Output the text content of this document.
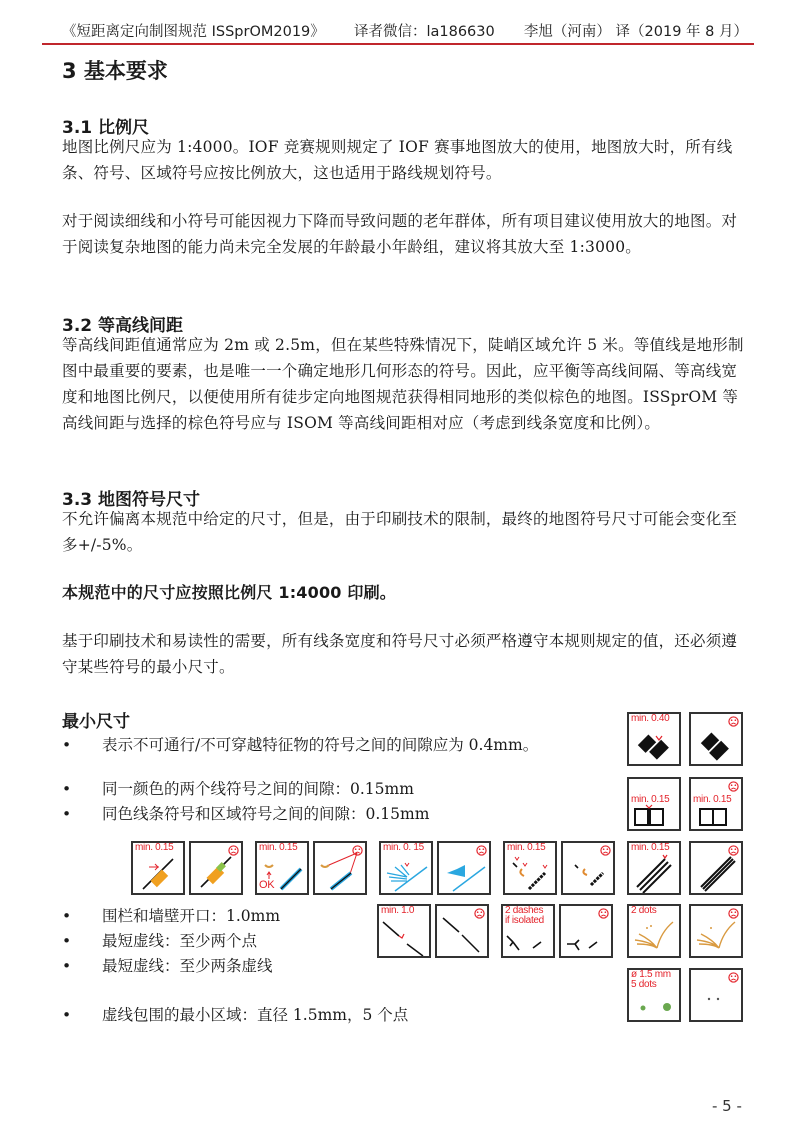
《短距离定向制图规范 ISSprOM2019》 译者微信：la186630 李旭（河南） 译（2019 年 8 月）
3 基本要求
3.1 比例尺
地图比例尺应为 1:4000。IOF 竞赛规则规定了 IOF 赛事地图放大的使用，地图放大时，所有线条、符号、区域符号应按比例放大，这也适用于路线规划符号。
对于阅读细线和小符号可能因视力下降而导致问题的老年群体，所有项目建议使用放大的地图。对于阅读复杂地图的能力尚未完全发展的年龄最小年龄组，建议将其放大至 1:3000。
3.2 等高线间距
等高线间距值通常应为 2m 或 2.5m，但在某些特殊情况下，陡峭区域允许 5 米。等值线是地形制图中最重要的要素，也是唯一一个确定地形几何形态的符号。因此，应平衡等高线间隔、等高线宽度和地图比例尺，以便使用所有徒步定向地图规范获得相同地形的类似棕色的地图。ISSprOM 等高线间距与选择的棕色符号应与 ISOM 等高线间距相对应（考虑到线条宽度和比例）。
3.3 地图符号尺寸
不允许偏离本规范中给定的尺寸，但是，由于印刷技术的限制，最终的地图符号尺寸可能会变化至多+/-5%。
本规范中的尺寸应按照比例尺 1:4000 印刷。
基于印刷技术和易读性的需要，所有线条宽度和符号尺寸必须严格遵守本规则规定的值，还必须遵守某些符号的最小尺寸。
最小尺寸
• 表示不可通行/不可穿越特征物的符号之间的间隙应为 0.4mm。
• 同一颜色的两个线符号之间的间隙：0.15mm
• 同色线条符号和区域符号之间的间隙：0.15mm
• 围栏和墙壁开口：1.0mm
• 最短虚线：至少两个点
• 最短虚线：至少两条虚线
• 虚线包围的最小区域：直径 1.5mm，5 个点
min. 0.40
min. 0.15 min. 0.15
min. 0.15	min. 0.15
OK
min. 0. 15	min. 0.15	min. 0.15
min. 1.0	2 dashes
if isolated
2 dots
ø 1.5 mm
5 dots
- 5 -
